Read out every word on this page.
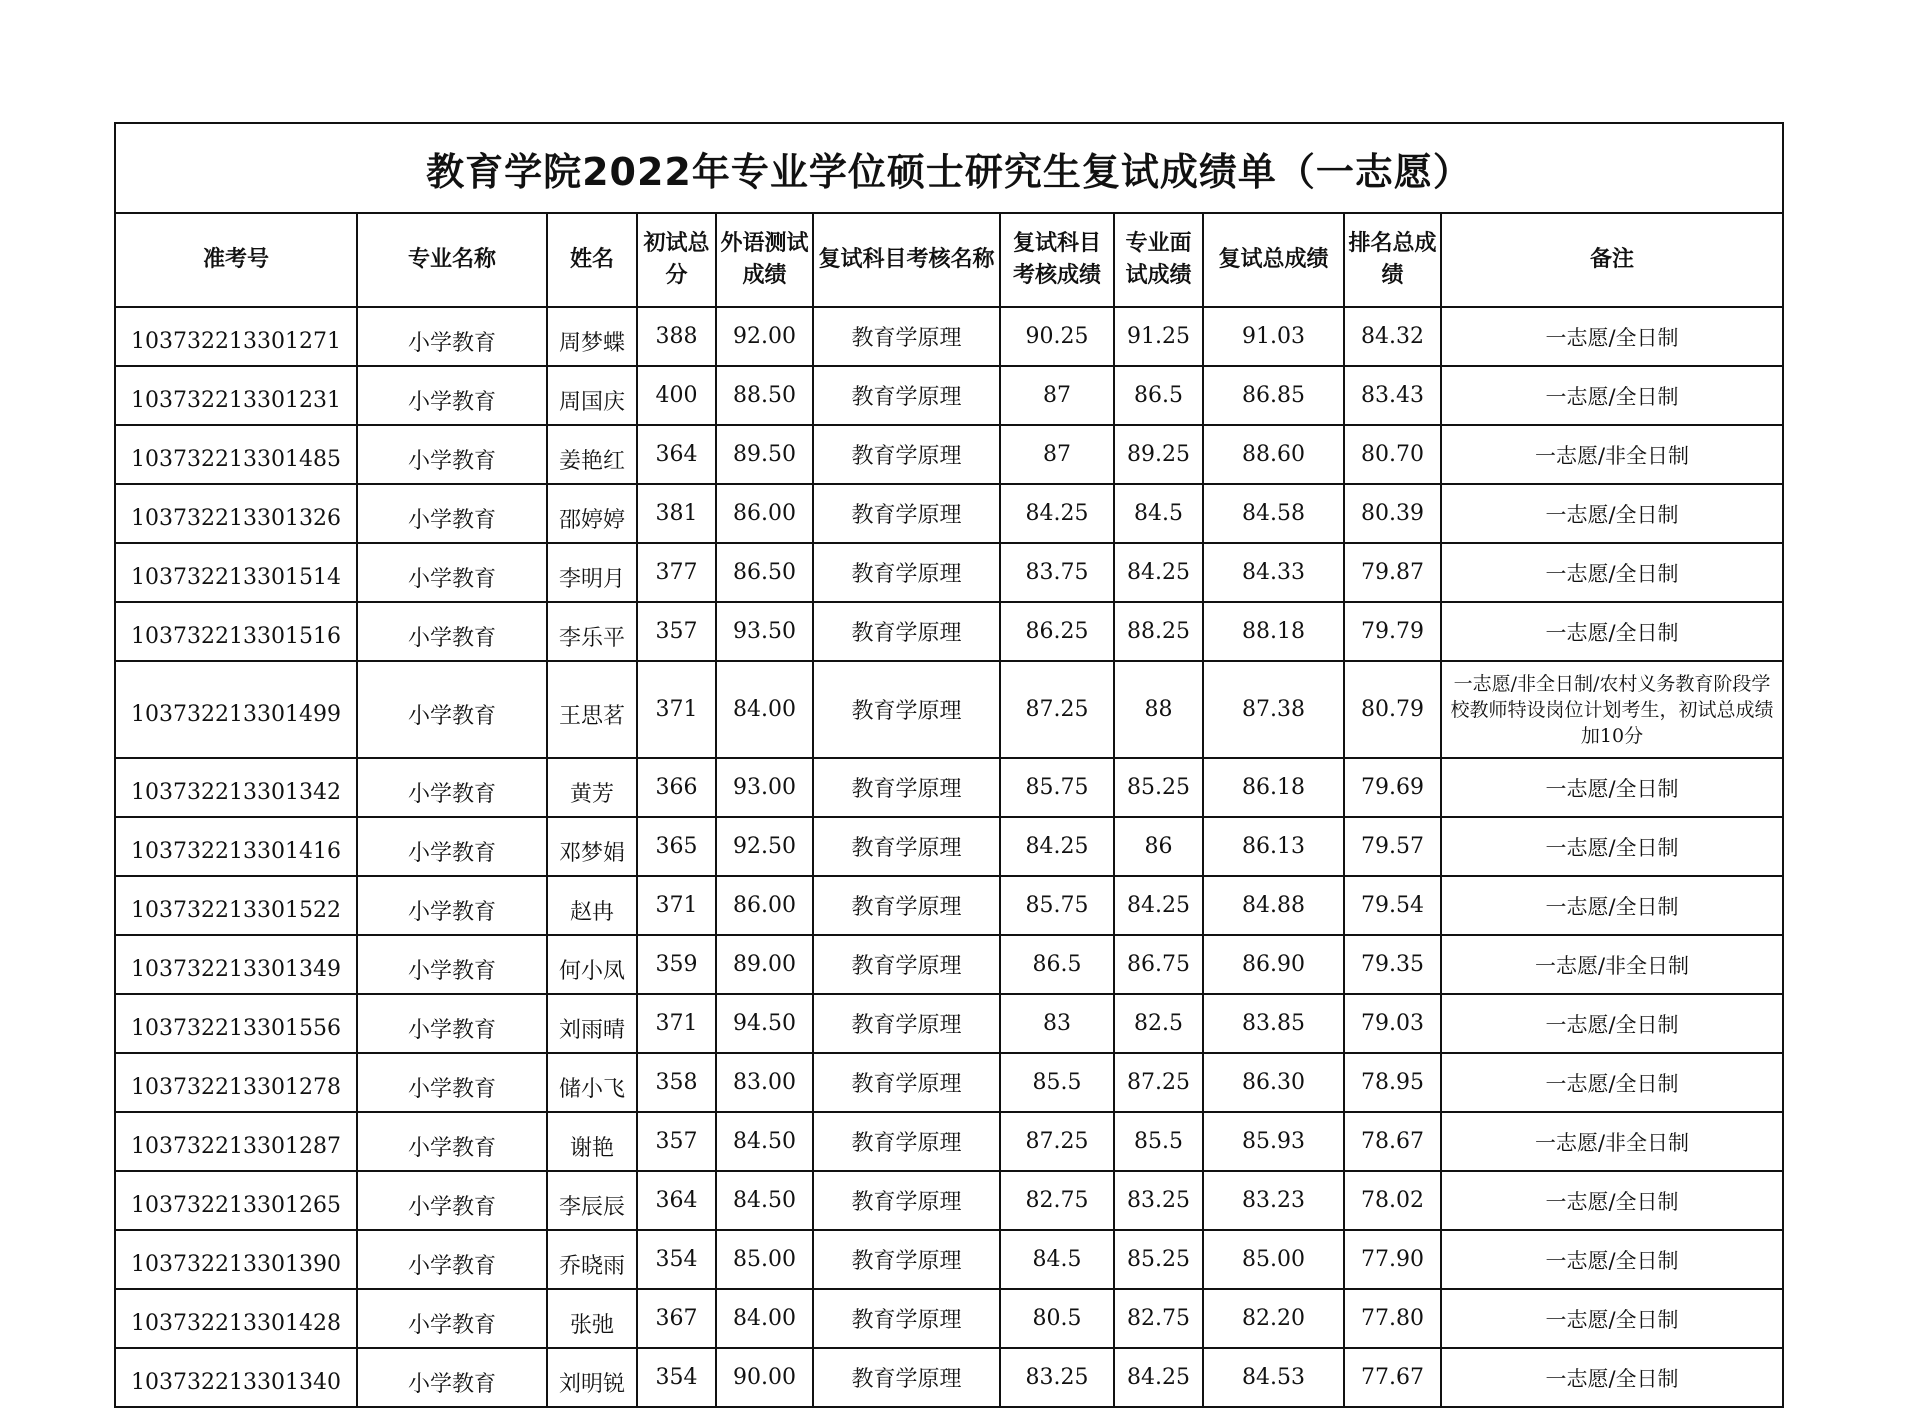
教育学院2022年专业学位硕士研究生复试成绩单（一志愿）
准考号	专业名称	姓名	初试总分	外语测试成绩	复试科目考核名称	复试科目考核成绩	专业面试成绩	复试总成绩	排名总成绩	备注
103732213301271	小学教育	周梦蝶	388	92.00	教育学原理	90.25	91.25	91.03	84.32	一志愿/全日制
103732213301231	小学教育	周国庆	400	88.50	教育学原理	87	86.5	86.85	83.43	一志愿/全日制
103732213301485	小学教育	姜艳红	364	89.50	教育学原理	87	89.25	88.60	80.70	一志愿/非全日制
103732213301326	小学教育	邵婷婷	381	86.00	教育学原理	84.25	84.5	84.58	80.39	一志愿/全日制
103732213301514	小学教育	李明月	377	86.50	教育学原理	83.75	84.25	84.33	79.87	一志愿/全日制
103732213301516	小学教育	李乐平	357	93.50	教育学原理	86.25	88.25	88.18	79.79	一志愿/全日制
103732213301499	小学教育	王思茗	371	84.00	教育学原理	87.25	88	87.38	80.79	一志愿/非全日制/农村义务教育阶段学校教师特设岗位计划考生，初试总成绩加10分
103732213301342	小学教育	黄芳	366	93.00	教育学原理	85.75	85.25	86.18	79.69	一志愿/全日制
103732213301416	小学教育	邓梦娟	365	92.50	教育学原理	84.25	86	86.13	79.57	一志愿/全日制
103732213301522	小学教育	赵冉	371	86.00	教育学原理	85.75	84.25	84.88	79.54	一志愿/全日制
103732213301349	小学教育	何小凤	359	89.00	教育学原理	86.5	86.75	86.90	79.35	一志愿/非全日制
103732213301556	小学教育	刘雨晴	371	94.50	教育学原理	83	82.5	83.85	79.03	一志愿/全日制
103732213301278	小学教育	储小飞	358	83.00	教育学原理	85.5	87.25	86.30	78.95	一志愿/全日制
103732213301287	小学教育	谢艳	357	84.50	教育学原理	87.25	85.5	85.93	78.67	一志愿/非全日制
103732213301265	小学教育	李辰辰	364	84.50	教育学原理	82.75	83.25	83.23	78.02	一志愿/全日制
103732213301390	小学教育	乔晓雨	354	85.00	教育学原理	84.5	85.25	85.00	77.90	一志愿/全日制
103732213301428	小学教育	张弛	367	84.00	教育学原理	80.5	82.75	82.20	77.80	一志愿/全日制
103732213301340	小学教育	刘明锐	354	90.00	教育学原理	83.25	84.25	84.53	77.67	一志愿/全日制
